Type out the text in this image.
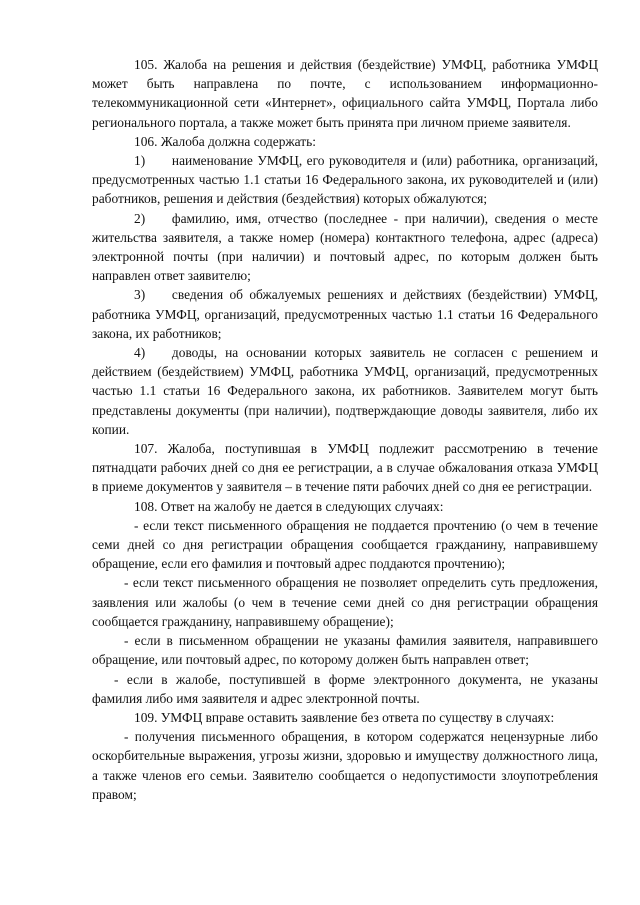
105. Жалоба на решения и действия (бездействие) УМФЦ, работника УМФЦ может быть направлена по почте, с использованием информационно-телекоммуникационной сети «Интернет», официального сайта УМФЦ, Портала либо регионального портала, а также может быть принята при личном приеме заявителя.

106. Жалоба должна содержать:

1)  наименование УМФЦ, его руководителя и (или) работника, организаций, предусмотренных частью 1.1 статьи 16 Федерального закона, их руководителей и (или) работников, решения и действия (бездействия) которых обжалуются;

2)  фамилию, имя, отчество (последнее - при наличии), сведения о месте жительства заявителя, а также номер (номера) контактного телефона, адрес (адреса) электронной почты (при наличии) и почтовый адрес, по которым должен быть направлен ответ заявителю;

3)  сведения об обжалуемых решениях и действиях (бездействии) УМФЦ, работника УМФЦ, организаций, предусмотренных частью 1.1 статьи 16 Федерального закона, их работников;

4)  доводы, на основании которых заявитель не согласен с решением и действием (бездействием) УМФЦ, работника УМФЦ, организаций, предусмотренных частью 1.1 статьи 16 Федерального закона, их работников. Заявителем могут быть представлены документы (при наличии), подтверждающие доводы заявителя, либо их копии.

107. Жалоба, поступившая в УМФЦ подлежит рассмотрению в течение пятнадцати рабочих дней со дня ее регистрации, а в случае обжалования отказа УМФЦ в приеме документов у заявителя – в течение пяти рабочих дней со дня ее регистрации.

108. Ответ на жалобу не дается в следующих случаях:

- если текст письменного обращения не поддается прочтению (о чем в течение семи дней со дня регистрации обращения сообщается гражданину, направившему обращение, если его фамилия и почтовый адрес поддаются прочтению);

- если текст письменного обращения не позволяет определить суть предложения, заявления или жалобы (о чем в течение семи дней со дня регистрации обращения сообщается гражданину, направившему обращение);

- если в письменном обращении не указаны фамилия заявителя, направившего обращение, или почтовый адрес, по которому должен быть направлен ответ;

- если в жалобе, поступившей в форме электронного документа, не указаны фамилия либо имя заявителя и адрес электронной почты.

109. УМФЦ вправе оставить заявление без ответа по существу в случаях:

- получения письменного обращения, в котором содержатся нецензурные либо оскорбительные выражения, угрозы жизни, здоровью и имуществу должностного лица, а также членов его семьи. Заявителю сообщается о недопустимости злоупотребления правом;
